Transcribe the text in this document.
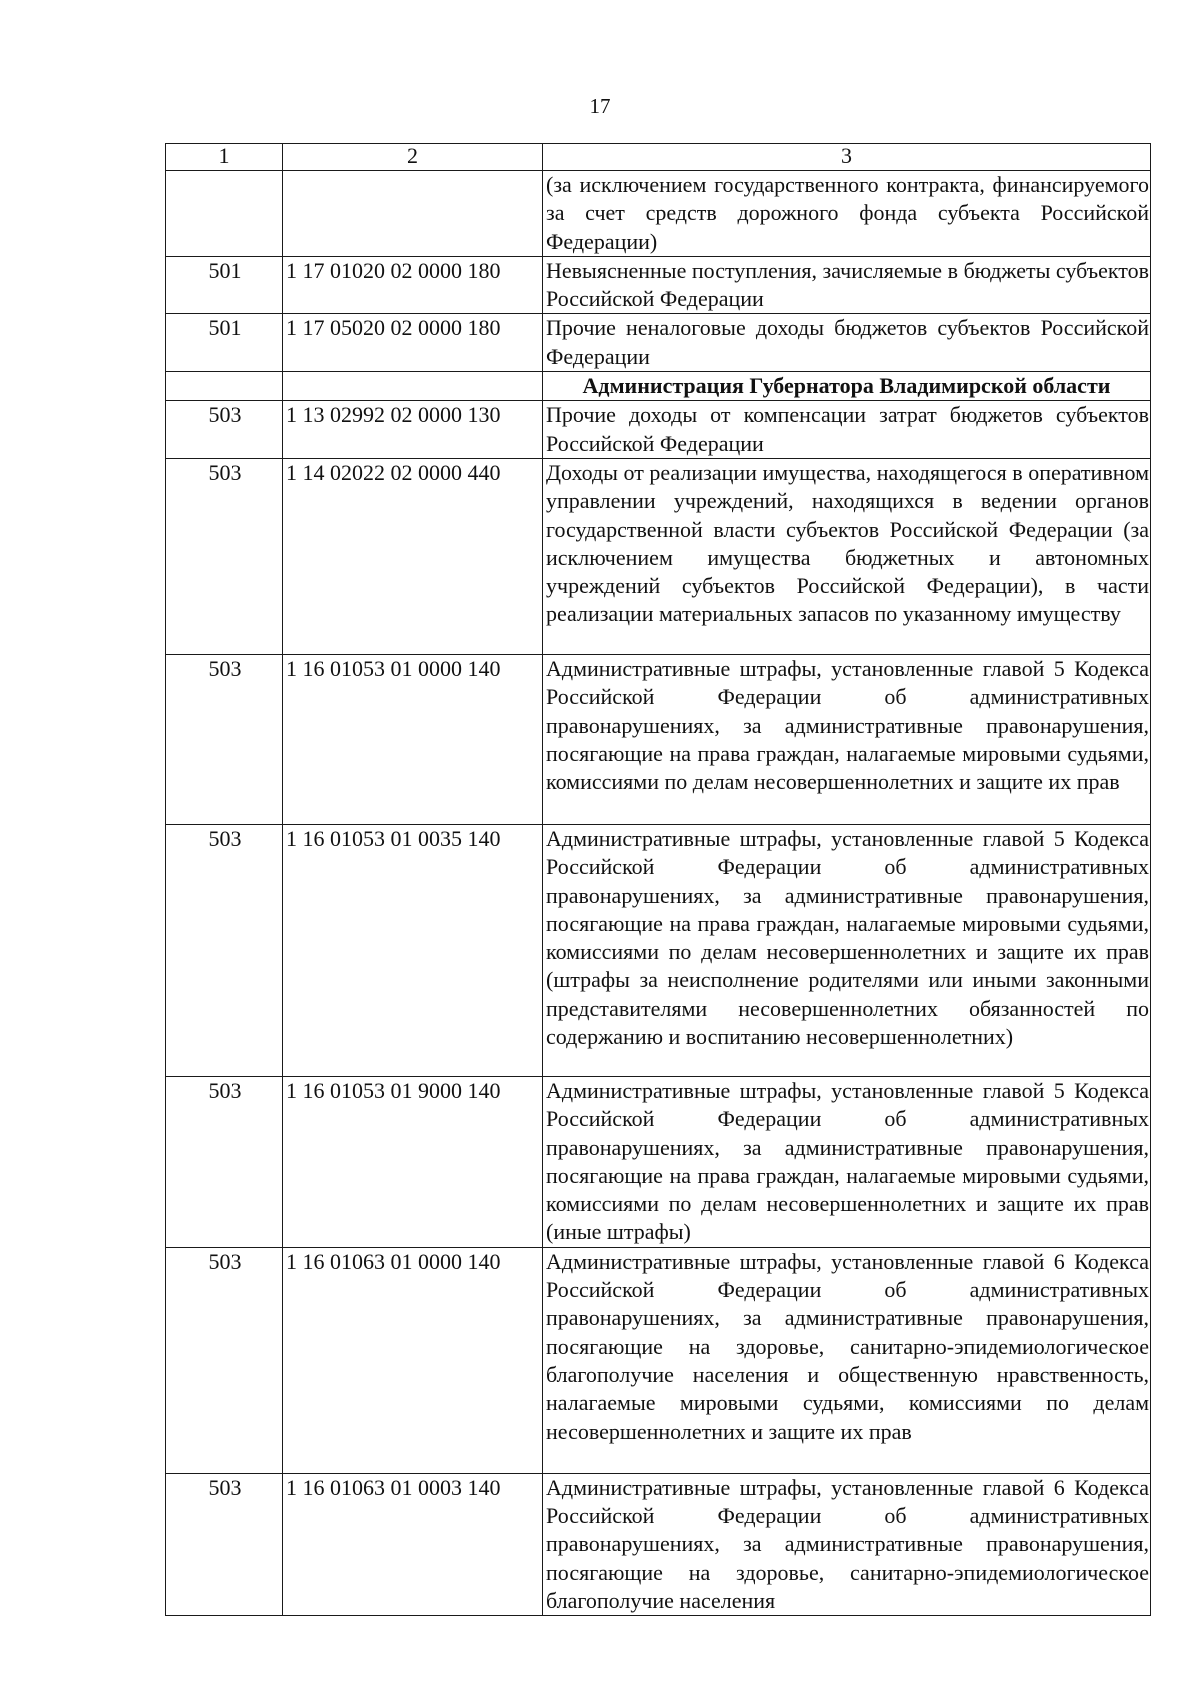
17
1	2	3
		(за исключением государственного контракта, финансируемого за счет средств дорожного фонда субъекта Российской Федерации)
501	1 17 01020 02 0000 180	Невыясненные поступления, зачисляемые в бюджеты субъектов Российской Федерации
501	1 17 05020 02 0000 180	Прочие неналоговые доходы бюджетов субъектов Российской Федерации
		Администрация Губернатора Владимирской области
503	1 13 02992 02 0000 130	Прочие доходы от компенсации затрат бюджетов субъектов Российской Федерации
503	1 14 02022 02 0000 440	Доходы от реализации имущества, находящегося в оперативном управлении учреждений, находящихся в ведении органов государственной власти субъектов Российской Федерации (за исключением имущества бюджетных и автономных учреждений субъектов Российской Федерации), в части реализации материальных запасов по указанному имуществу
503	1 16 01053 01 0000 140	Административные штрафы, установленные главой 5 Кодекса Российской Федерации об административных правонарушениях, за административные правонарушения, посягающие на права граждан, налагаемые мировыми судьями, комиссиями по делам несовершеннолетних и защите их прав
503	1 16 01053 01 0035 140	Административные штрафы, установленные главой 5 Кодекса Российской Федерации об административных правонарушениях, за административные правонарушения, посягающие на права граждан, налагаемые мировыми судьями, комиссиями по делам несовершеннолетних и защите их прав (штрафы за неисполнение родителями или иными законными представителями несовершеннолетних обязанностей по содержанию и воспитанию несовершеннолетних)
503	1 16 01053 01 9000 140	Административные штрафы, установленные главой 5 Кодекса Российской Федерации об административных правонарушениях, за административные правонарушения, посягающие на права граждан, налагаемые мировыми судьями, комиссиями по делам несовершеннолетних и защите их прав (иные штрафы)
503	1 16 01063 01 0000 140	Административные штрафы, установленные главой 6 Кодекса Российской Федерации об административных правонарушениях, за административные правонарушения, посягающие на здоровье, санитарно-эпидемиологическое благополучие населения и общественную нравственность, налагаемые мировыми судьями, комиссиями по делам несовершеннолетних и защите их прав
503	1 16 01063 01 0003 140	Административные штрафы, установленные главой 6 Кодекса Российской Федерации об административных правонарушениях, за административные правонарушения, посягающие на здоровье, санитарно-эпидемиологическое благополучие населения
